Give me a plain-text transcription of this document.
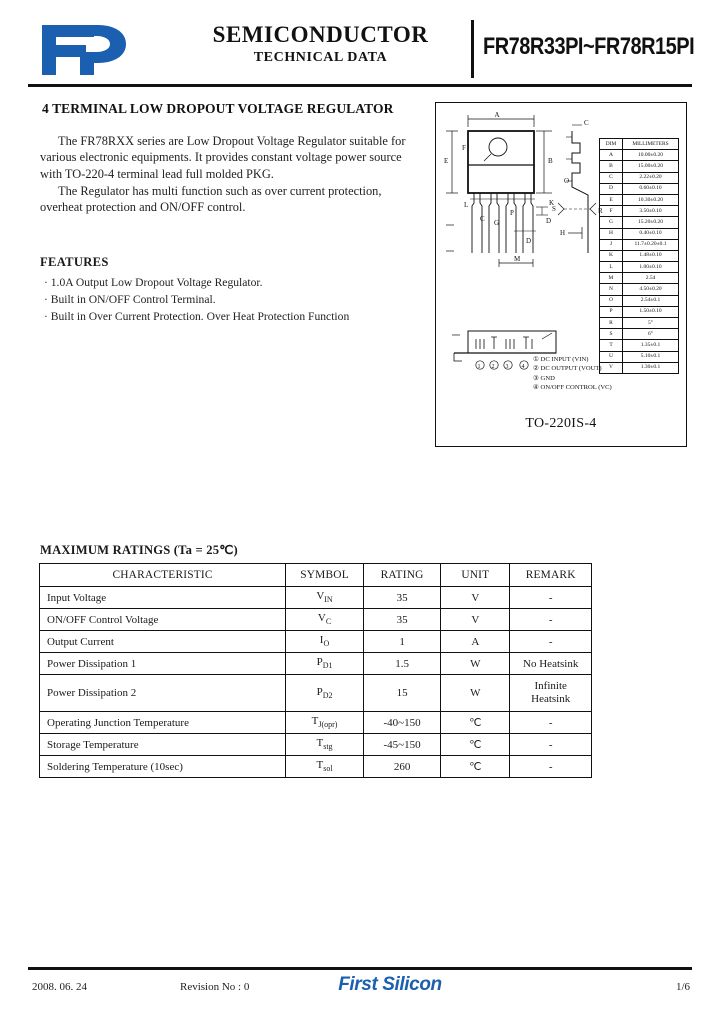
SEMICONDUCTOR
TECHNICAL DATA	FR78R33PI~FR78R15PI
4 TERMINAL LOW DROPOUT VOLTAGE REGULATOR

The FR78RXX series are Low Dropout Voltage Regulator suitable for various electronic equipments. It provides constant voltage power source with TO-220-4 terminal lead full molded PKG.

The Regulator has multi function such as over current protection, overheat protection and ON/OFF control.

FEATURES
· 1.0A Output Low Dropout Voltage Regulator.
· Built in ON/OFF Control Terminal.
· Built in Over Current Protection. Over Heat Protection Function
A
B
E
F
L	K
D
C G
P
D
M
O
C
S	R
H
1 2 3 4
DIM	MILLIMETERS
A	10.00±0.20
B	15.00±0.20
C	2.22±0.20
D	0.60±0.10
E	10.30±0.20
F	3.50±0.10
G	15.20±0.20
H	0.40±0.10
J	11.7±0.20±0.1
K	1.48±0.10
L	1.00±0.10
M	2.54
N	4.50±0.20
O	2.54±0.1
P	1.50±0.10
R	5°
S	6°
T	1.35±0.1
U	5.10±0.1
V	1.30±0.1
① DC INPUT (VIN)
② DC OUTPUT (VOUT)
③ GND
④ ON/OFF CONTROL (VC)
TO-220IS-4
MAXIMUM RATINGS (Ta = 25℃)
CHARACTERISTIC	SYMBOL	RATING	UNIT	REMARK
Input Voltage	$V_{IN}$	35	V	-
ON/OFF Control Voltage	$V_C$	35	V	-
Output Current	$I_O$	1	A	-
Power Dissipation 1	$P_{D1}$	1.5	W	No Heatsink
Power Dissipation 2	$P_{D2}$	15	W	Infinite
Heatsink
Operating Junction Temperature	$T_{J(opr)}$	-40~150	℃	-
Storage Temperature	$T_{stg}$	-45~150	℃	-
Soldering Temperature (10sec)	$T_{sol}$	260	℃	-
2008. 06. 24	Revision No : 0	First Silicon	1/6
